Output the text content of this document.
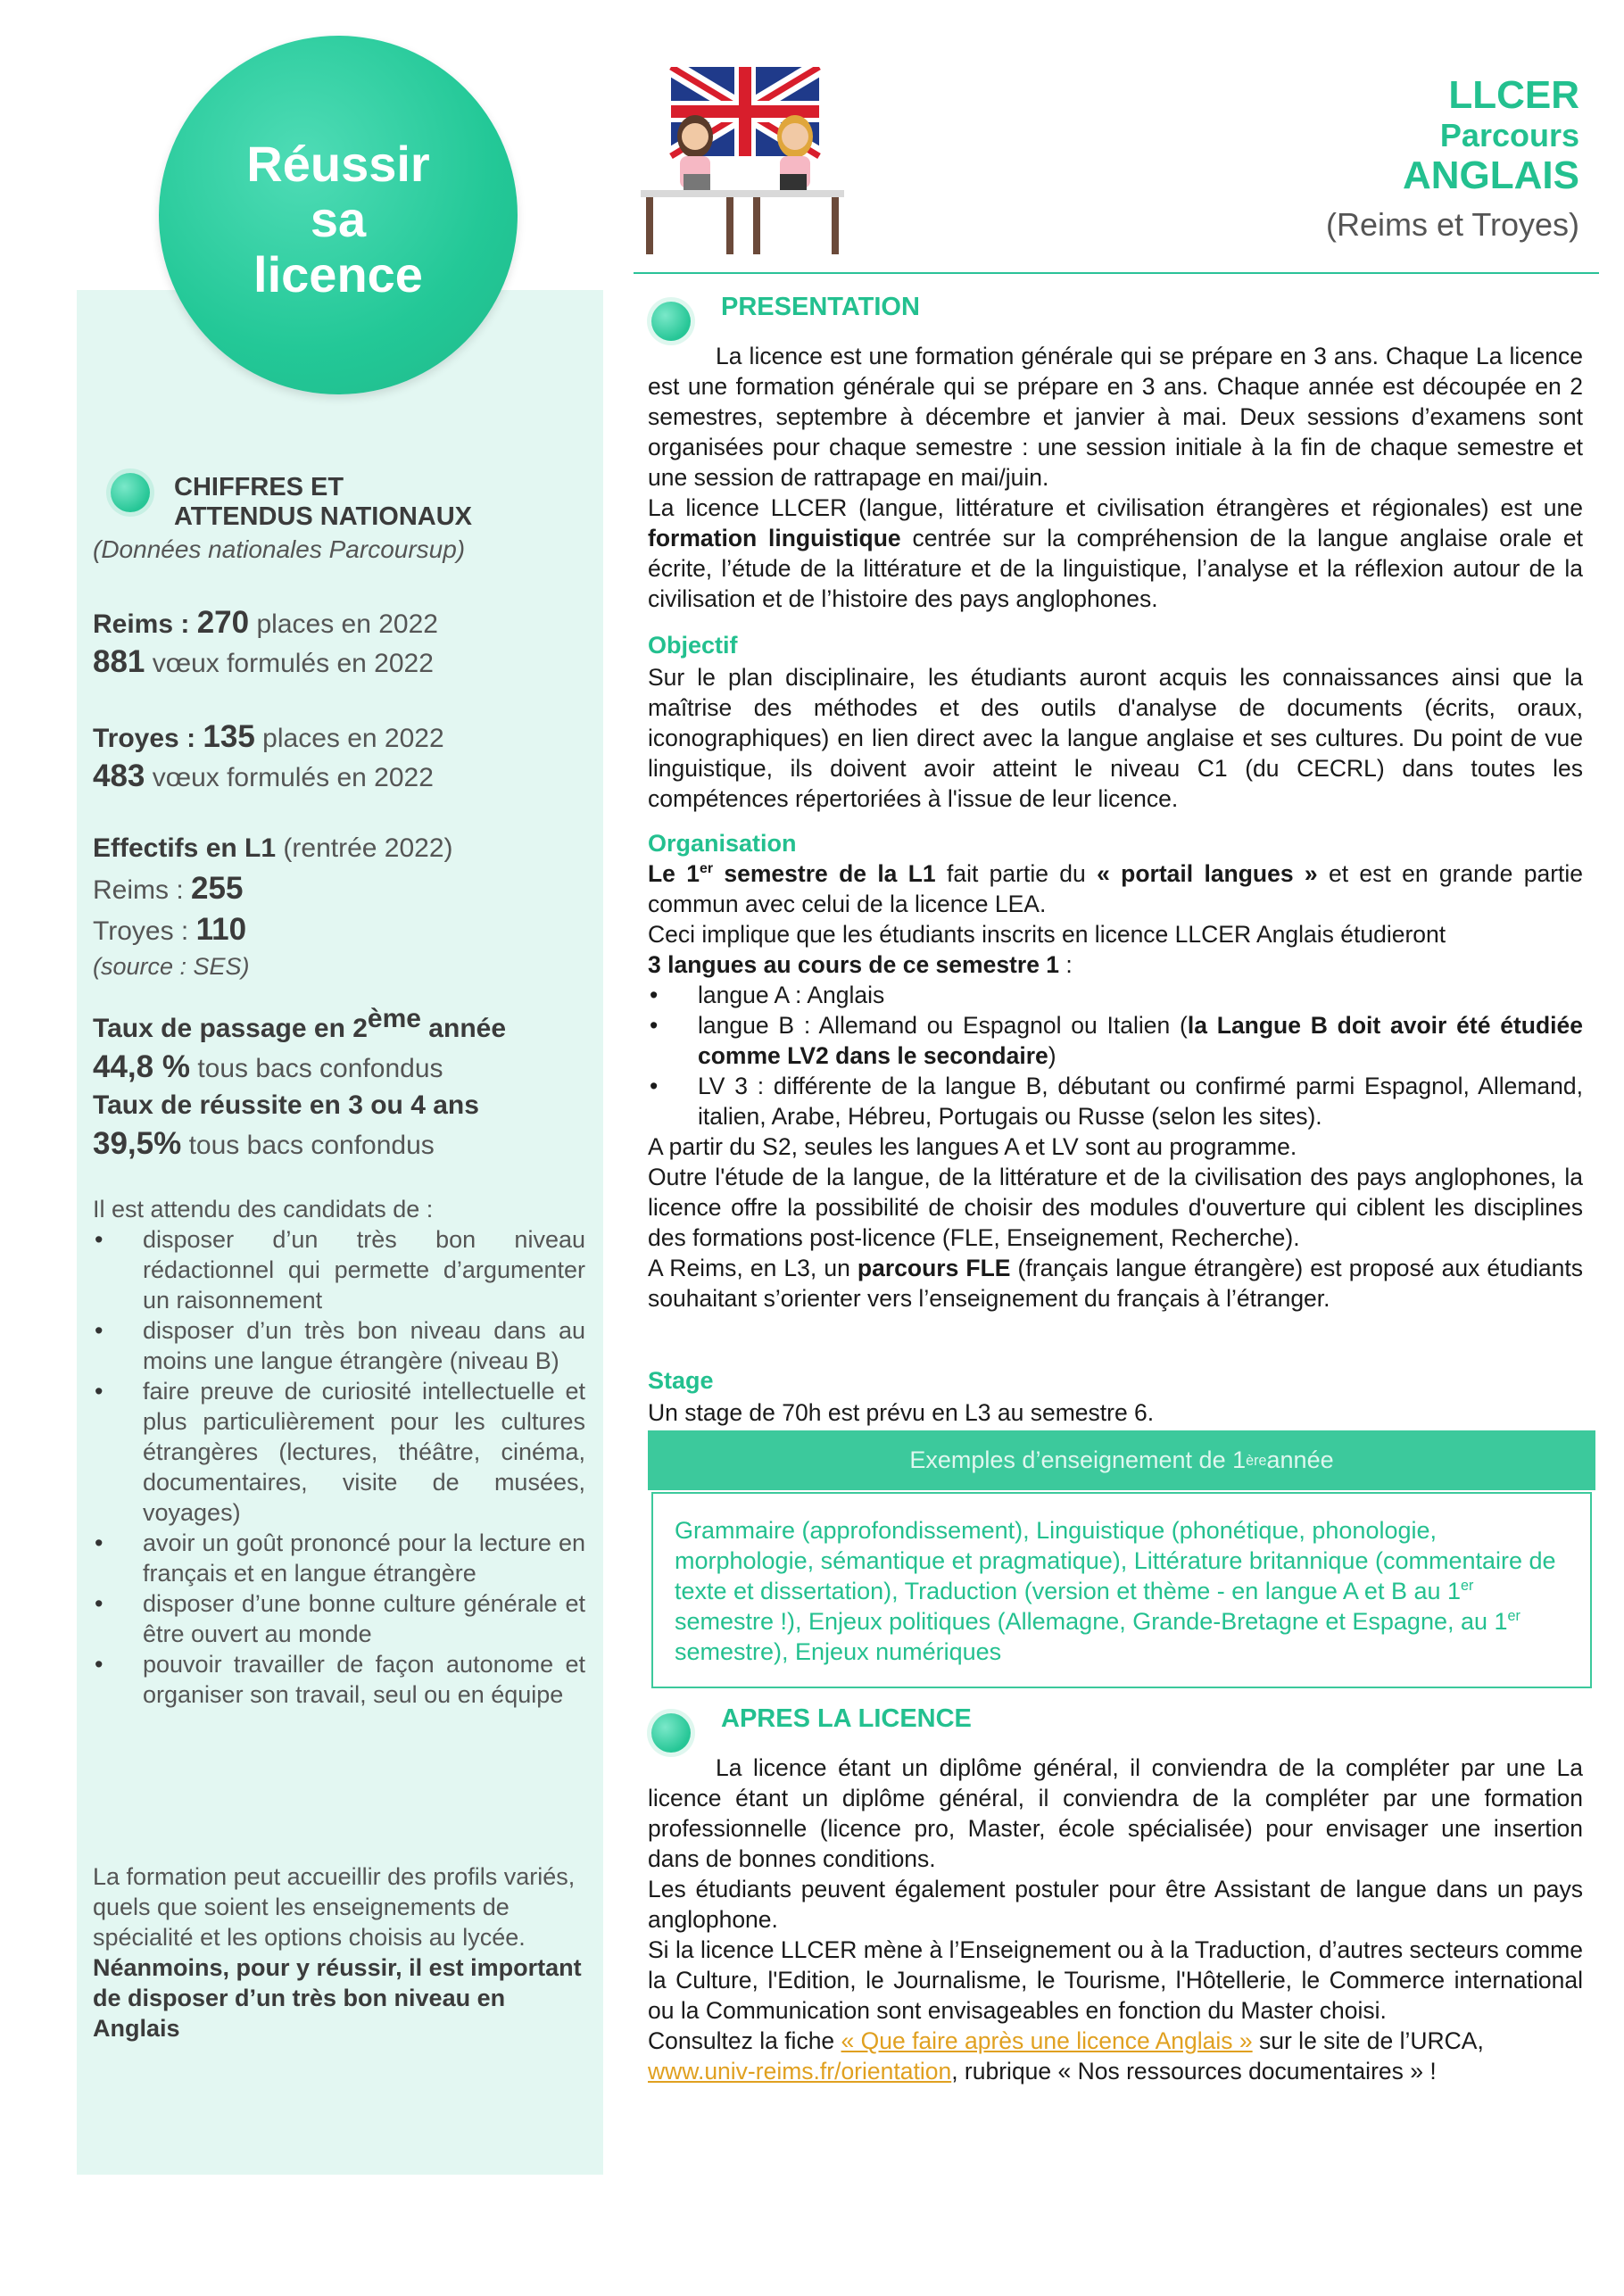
Réussir
sa
licence
CHIFFRES ET
ATTENDUS NATIONAUX
(Données nationales Parcoursup)
Reims : 270 places en 2022
881 vœux formulés en 2022
Troyes : 135 places en 2022
483 vœux formulés en 2022
Effectifs en L1 (rentrée 2022)
Reims : 255
Troyes : 110
(source : SES)
Taux de passage en 2ème année
44,8 % tous bacs confondus
Taux de réussite en 3 ou 4 ans
39,5% tous bacs confondus
Il est attendu des candidats de :
• disposer d’un très bon niveau rédactionnel qui permette d’argumenter un raisonnement
• disposer d’un très bon niveau dans au moins une langue étrangère (niveau B)
• faire preuve de curiosité intellectuelle et plus particulièrement pour les cultures étrangères (lectures, théâtre, cinéma, documentaires, visite de musées, voyages)
• avoir un goût prononcé pour la lecture en français et en langue étrangère
• disposer d’une bonne culture générale et être ouvert au monde
• pouvoir travailler de façon autonome et organiser son travail, seul ou en équipe
La formation peut accueillir des profils variés, quels que soient les enseignements de spécialité et les options choisis au lycée. Néanmoins, pour y réussir, il est important de disposer d’un très bon niveau en Anglais
LLCER
Parcours
ANGLAIS
(Reims et Troyes)
PRESENTATION

La licence est une formation générale qui se prépare en 3 ans. Chaque La licence est une formation générale qui se prépare en 3 ans. Chaque année est découpée en 2 semestres, septembre à décembre et janvier à mai. Deux sessions d’examens sont organisées pour chaque semestre : une session initiale à la fin de chaque semestre et une session de rattrapage en mai/juin.

La licence LLCER (langue, littérature et civilisation étrangères et régionales) est une formation linguistique centrée sur la compréhension de la langue anglaise orale et écrite, l’étude de la littérature et de la linguistique, l’analyse et la réflexion autour de la civilisation et de l’histoire des pays anglophones.

Objectif

Sur le plan disciplinaire, les étudiants auront acquis les connaissances ainsi que la maîtrise des méthodes et des outils d'analyse de documents (écrits, oraux, iconographiques) en lien direct avec la langue anglaise et ses cultures. Du point de vue linguistique, ils doivent avoir atteint le niveau C1 (du CECRL) dans toutes les compétences répertoriées à l'issue de leur licence.

Organisation

Le 1er semestre de la L1 fait partie du « portail langues » et est en grande partie commun avec celui de la licence LEA.

Ceci implique que les étudiants inscrits en licence LLCER Anglais étudieront

3 langues au cours de ce semestre 1 :

• langue A : Anglais
• langue B : Allemand ou Espagnol ou Italien (la Langue B doit avoir été étudiée comme LV2 dans le secondaire)
• LV 3 : différente de la langue B, débutant ou confirmé parmi Espagnol, Allemand, italien, Arabe, Hébreu, Portugais ou Russe (selon les sites).

A partir du S2, seules les langues A et LV sont au programme.

Outre l'étude de la langue, de la littérature et de la civilisation des pays anglophones, la licence offre la possibilité de choisir des modules d'ouverture qui ciblent les disciplines des formations post-licence (FLE, Enseignement, Recherche).

A Reims, en L3, un parcours FLE (français langue étrangère) est proposé aux étudiants souhaitant s’orienter vers l’enseignement du français à l’étranger.

Stage

Un stage de 70h est prévu en L3 au semestre 6.

Exemples d’enseignement de 1 ère année
Grammaire (approfondissement), Linguistique (phonétique, phonologie, morphologie, sémantique et pragmatique), Littérature britannique (commentaire de texte et dissertation), Traduction (version et thème - en langue A et B au 1er semestre !), Enjeux politiques (Allemagne, Grande-Bretagne et Espagne, au 1er semestre), Enjeux numériques
APRES LA LICENCE

La licence étant un diplôme général, il conviendra de la compléter par une La licence étant un diplôme général, il conviendra de la compléter par une formation professionnelle (licence pro, Master, école spécialisée) pour envisager une insertion dans de bonnes conditions.

Les étudiants peuvent également postuler pour être Assistant de langue dans un pays anglophone.

Si la licence LLCER mène à l’Enseignement ou à la Traduction, d’autres secteurs comme la Culture, l'Edition, le Journalisme, le Tourisme, l'Hôtellerie, le Commerce international ou la Communication sont envisageables en fonction du Master choisi.

Consultez la fiche « Que faire après une licence Anglais » sur le site de l’URCA,
www.univ-reims.fr/orientation, rubrique « Nos ressources documentaires » !
